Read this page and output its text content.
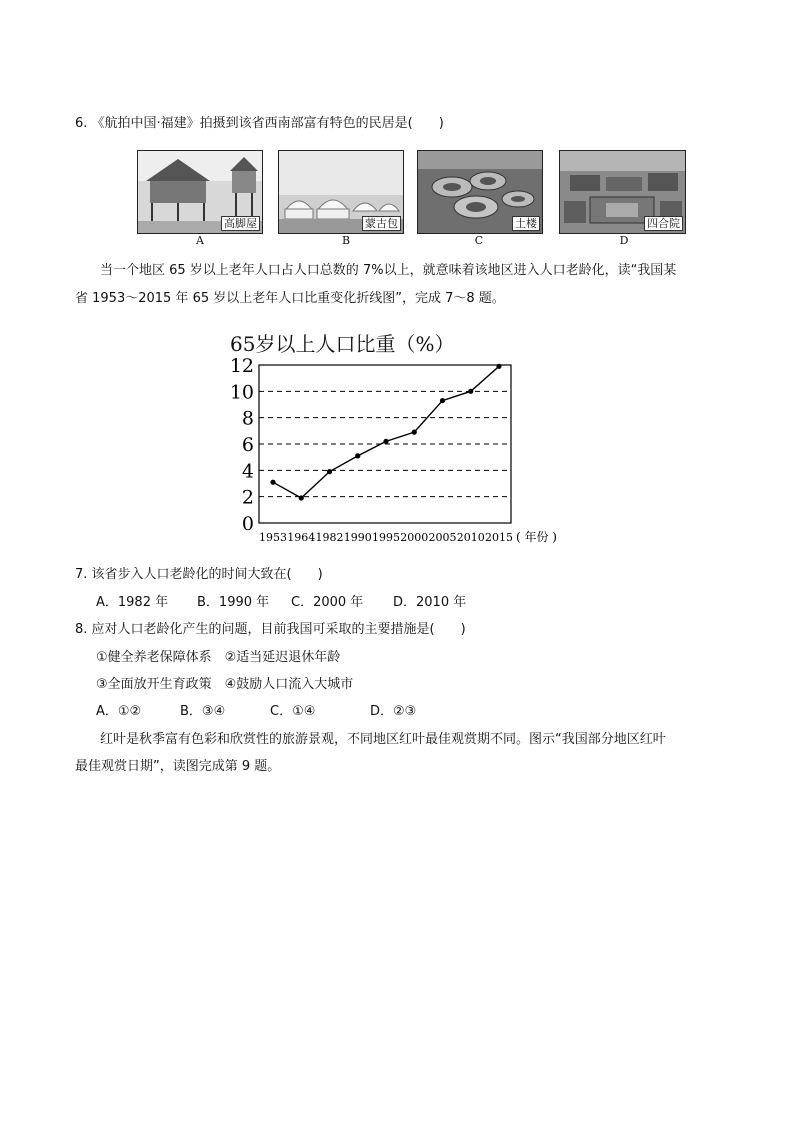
6. 《航拍中国·福建》拍摄到该省西南部富有特色的民居是(　　)
高脚屋
A
蒙古包
B
土楼
C
四合院
D
当一个地区 65 岁以上老年人口占人口总数的 7%以上，就意味着该地区进入人口老龄化，读“我国某
省 1953～2015 年 65 岁以上老年人口比重变化折线图”，完成 7～8 题。
65岁以上人口比重（%）
0
2
4
6
8
10
12
1953 1964 1982 1990 1995 2000 2005 2010 2015 ( 年份 )
7. 该省步入人口老龄化的时间大致在(　　)
A．1982 年 B．1990 年 C．2000 年 D．2010 年
8. 应对人口老龄化产生的问题，目前我国可采取的主要措施是(　　)
①健全养老保障体系　②适当延迟退休年龄
③全面放开生育政策　④鼓励人口流入大城市
A．①②	B．③④	C．①④	D．②③
红叶是秋季富有色彩和欣赏性的旅游景观，不同地区红叶最佳观赏期不同。图示“我国部分地区红叶
最佳观赏日期”，读图完成第 9 题。
